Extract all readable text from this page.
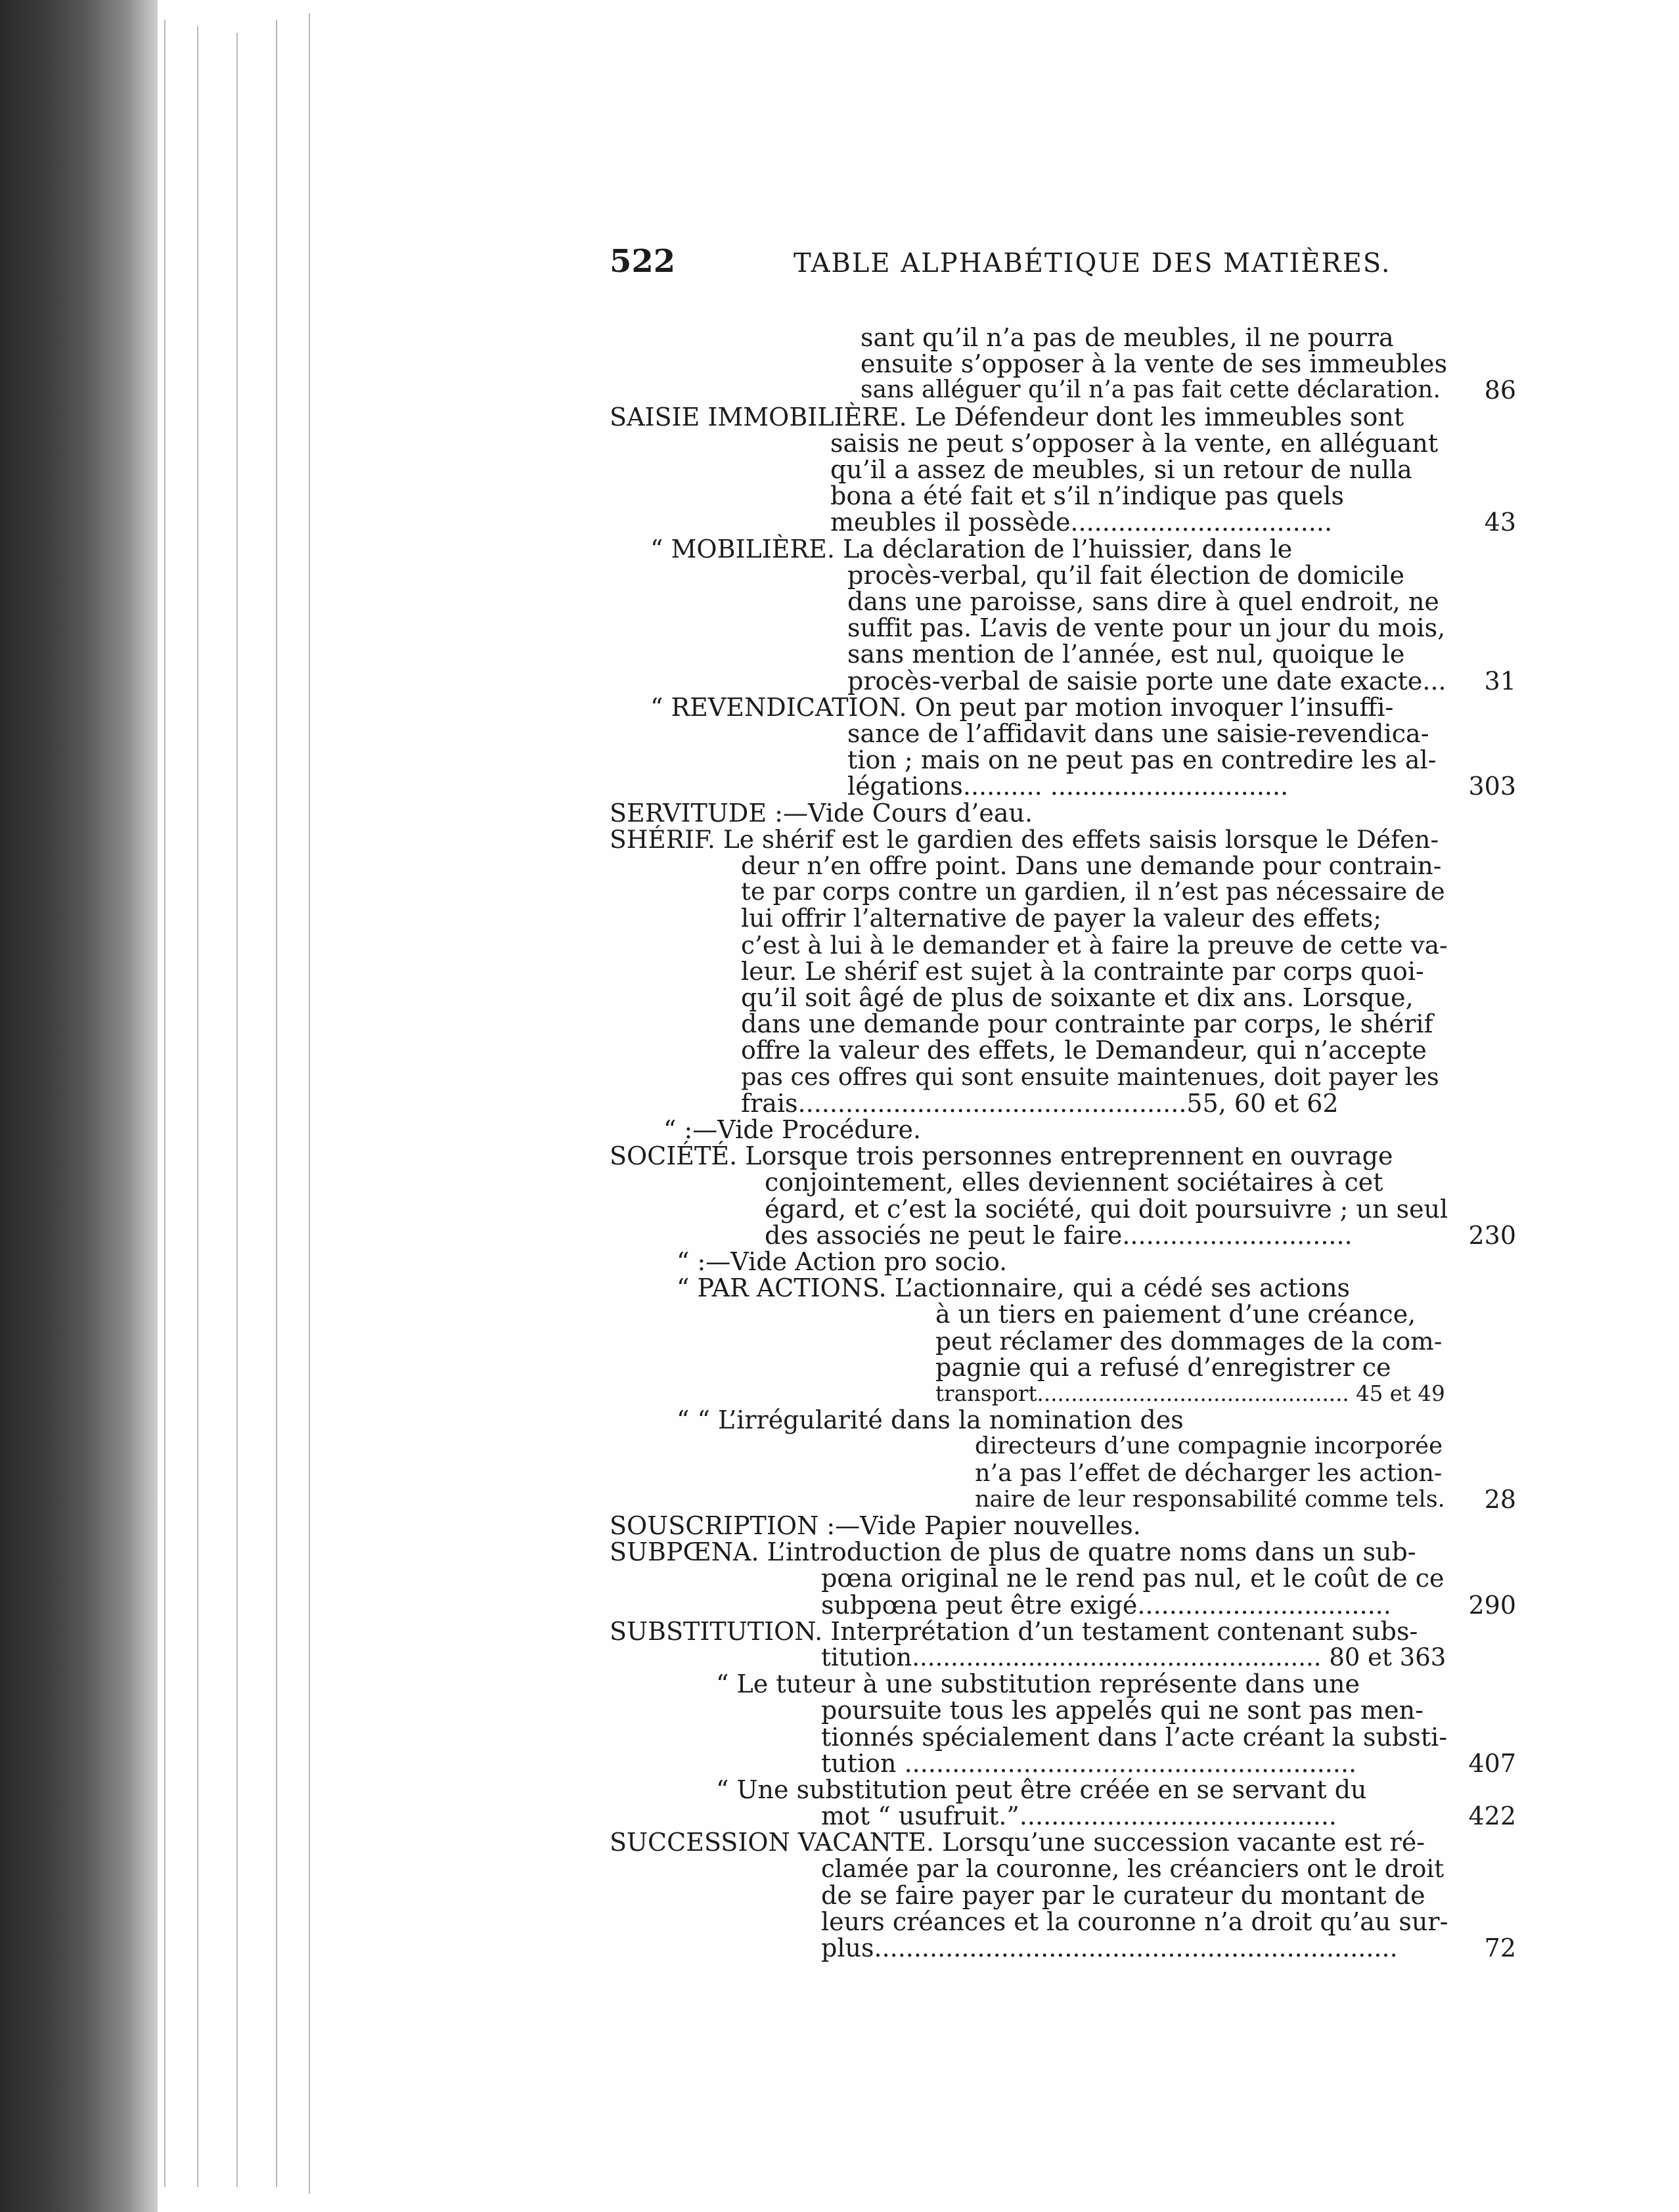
522	TABLE ALPHABÉTIQUE DES MATIÈRES.
sant qu’il n’a pas de meubles, il ne pourra
ensuite s’opposer à la vente de ses immeubles
sans alléguer qu’il n’a pas fait cette déclaration.	86
SAISIE IMMOBILIÈRE. Le Défendeur dont les immeubles sont
saisis ne peut s’opposer à la vente, en alléguant
qu’il a assez de meubles, si un retour de nulla
bona a été fait et s’il n’indique pas quels
meubles il possède.................................	43
“ MOBILIÈRE. La déclaration de l’huissier, dans le
procès-verbal, qu’il fait élection de domicile
dans une paroisse, sans dire à quel endroit, ne
suffit pas. L’avis de vente pour un jour du mois,
sans mention de l’année, est nul, quoique le
procès-verbal de saisie porte une date exacte...	31
“ REVENDICATION. On peut par motion invoquer l’insuffi-
sance de l’affidavit dans une saisie-revendica-
tion ; mais on ne peut pas en contredire les al-
légations.......... ..............................	303
SERVITUDE :—Vide Cours d’eau.
SHÉRIF. Le shérif est le gardien des effets saisis lorsque le Défen-
deur n’en offre point. Dans une demande pour contrain-
te par corps contre un gardien, il n’est pas nécessaire de
lui offrir l’alternative de payer la valeur des effets;
c’est à lui à le demander et à faire la preuve de cette va-
leur. Le shérif est sujet à la contrainte par corps quoi-
qu’il soit âgé de plus de soixante et dix ans. Lorsque,
dans une demande pour contrainte par corps, le shérif
offre la valeur des effets, le Demandeur, qui n’accepte
pas ces offres qui sont ensuite maintenues, doit payer les
frais.................................................55, 60 et 62
“ :—Vide Procédure.
SOCIÉTÉ. Lorsque trois personnes entreprennent en ouvrage
conjointement, elles deviennent sociétaires à cet
égard, et c’est la société, qui doit poursuivre ; un seul
des associés ne peut le faire.............................	230
“ :—Vide Action pro socio.
“ PAR ACTIONS. L’actionnaire, qui a cédé ses actions
à un tiers en paiement d’une créance,
peut réclamer des dommages de la com-
pagnie qui a refusé d’enregistrer ce
transport.............................................. 45 et 49
“ “ L’irrégularité dans la nomination des
directeurs d’une compagnie incorporée
n’a pas l’effet de décharger les action-
naire de leur responsabilité comme tels.	28
SOUSCRIPTION :—Vide Papier nouvelles.
SUBPŒNA. L’introduction de plus de quatre noms dans un sub-
pœna original ne le rend pas nul, et le coût de ce
subpœna peut être exigé................................	290
SUBSTITUTION. Interprétation d’un testament contenant subs-
titution..................................................... 80 et 363
“ Le tuteur à une substitution représente dans une
poursuite tous les appelés qui ne sont pas men-
tionnés spécialement dans l’acte créant la substi-
tution .........................................................	407
“ Une substitution peut être créée en se servant du
mot “ usufruit.”........................................	422
SUCCESSION VACANTE. Lorsqu’une succession vacante est ré-
clamée par la couronne, les créanciers ont le droit
de se faire payer par le curateur du montant de
leurs créances et la couronne n’a droit qu’au sur-
plus..................................................................	72
